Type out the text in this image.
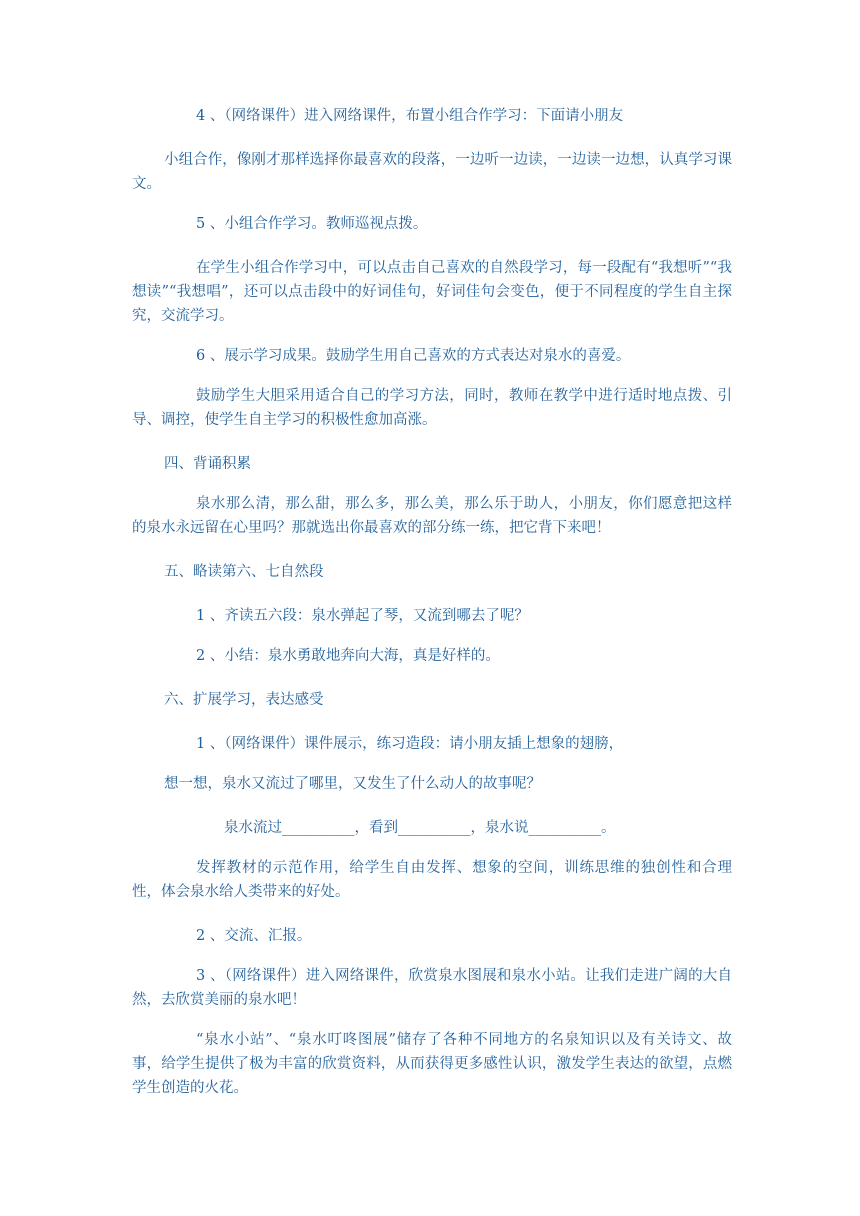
4 、（网络课件）进入网络课件，布置小组合作学习：下面请小朋友

小组合作，像刚才那样选择你最喜欢的段落，一边听一边读，一边读一边想，认真学习课文。

5 、小组合作学习。教师巡视点拨。

在学生小组合作学习中，可以点击自己喜欢的自然段学习，每一段配有“我想听”“我想读”“我想唱”，还可以点击段中的好词佳句，好词佳句会变色，便于不同程度的学生自主探究，交流学习。

6 、展示学习成果。鼓励学生用自己喜欢的方式表达对泉水的喜爱。

鼓励学生大胆采用适合自己的学习方法，同时，教师在教学中进行适时地点拨、引导、调控，使学生自主学习的积极性愈加高涨。

四、背诵积累

泉水那么清，那么甜，那么多，那么美，那么乐于助人，小朋友，你们愿意把这样的泉水永远留在心里吗？那就选出你最喜欢的部分练一练，把它背下来吧！

五、略读第六、七自然段

1 、齐读五六段：泉水弹起了琴，又流到哪去了呢？

2 、小结：泉水勇敢地奔向大海，真是好样的。

六、扩展学习，表达感受

1 、（网络课件）课件展示，练习造段：请小朋友插上想象的翅膀，

想一想，泉水又流过了哪里，又发生了什么动人的故事呢？

泉水流过__________，看到__________，泉水说__________。

发挥教材的示范作用，给学生自由发挥、想象的空间，训练思维的独创性和合理性，体会泉水给人类带来的好处。

2 、交流、汇报。

3 、（网络课件）进入网络课件，欣赏泉水图展和泉水小站。让我们走进广阔的大自然，去欣赏美丽的泉水吧！

“泉水小站”、“泉水叮咚图展”储存了各种不同地方的名泉知识以及有关诗文、故事，给学生提供了极为丰富的欣赏资料，从而获得更多感性认识，激发学生表达的欲望，点燃学生创造的火花。
